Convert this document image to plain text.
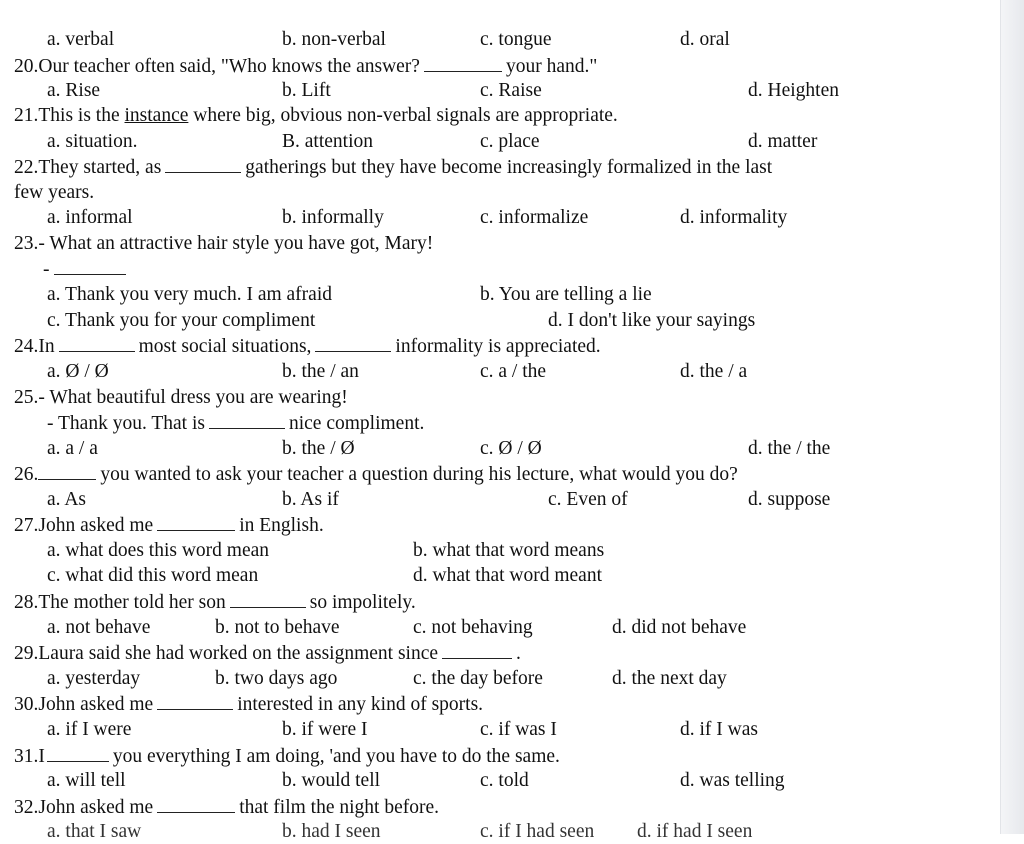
a. verbal	b. non-verbal	c. tongue	d. oral
20.Our teacher often said, "Who knows the answer?	your hand."
a. Rise	b. Lift	c. Raise	d. Heighten
21.This is the instance where big, obvious non-verbal signals are appropriate.
a. situation.	B. attention	c. place	d. matter
22.They started, as	gatherings but they have become increasingly formalized in the last
few years.
a. informal	b. informally	c. informalize	d. informality
23.- What an attractive hair style you have got, Mary!
-
a. Thank you very much. I am afraid	b. You are telling a lie
c. Thank you for your compliment	d. I don't like your sayings
24.In	most social situations,	informality is appreciated.
a. Ø / Ø	b. the / an	c. a / the	d. the / a
25.- What beautiful dress you are wearing!
- Thank you. That is	nice compliment.
a. a / a	b. the / Ø	c. Ø / Ø	d. the / the
26.	you wanted to ask your teacher a question during his lecture, what would you do?
a. As	b. As if	c. Even of	d. suppose
27.John asked me	in English.
a. what does this word mean	b. what that word means
c. what did this word mean	d. what that word meant
28.The mother told her son	so impolitely.
a. not behave	b. not to behave	c. not behaving	d. did not behave
29.Laura said she had worked on the assignment since	.
a. yesterday	b. two days ago	c. the day before	d. the next day
30.John asked me	interested in any kind of sports.
a. if I were	b. if were I	c. if was I	d. if I was
31.I	you everything I am doing, 'and you have to do the same.
a. will tell	b. would tell	c. told	d. was telling
32.John asked me	that film the night before.
a. that I saw	b. had I seen	c. if I had seen d. if had I seen
